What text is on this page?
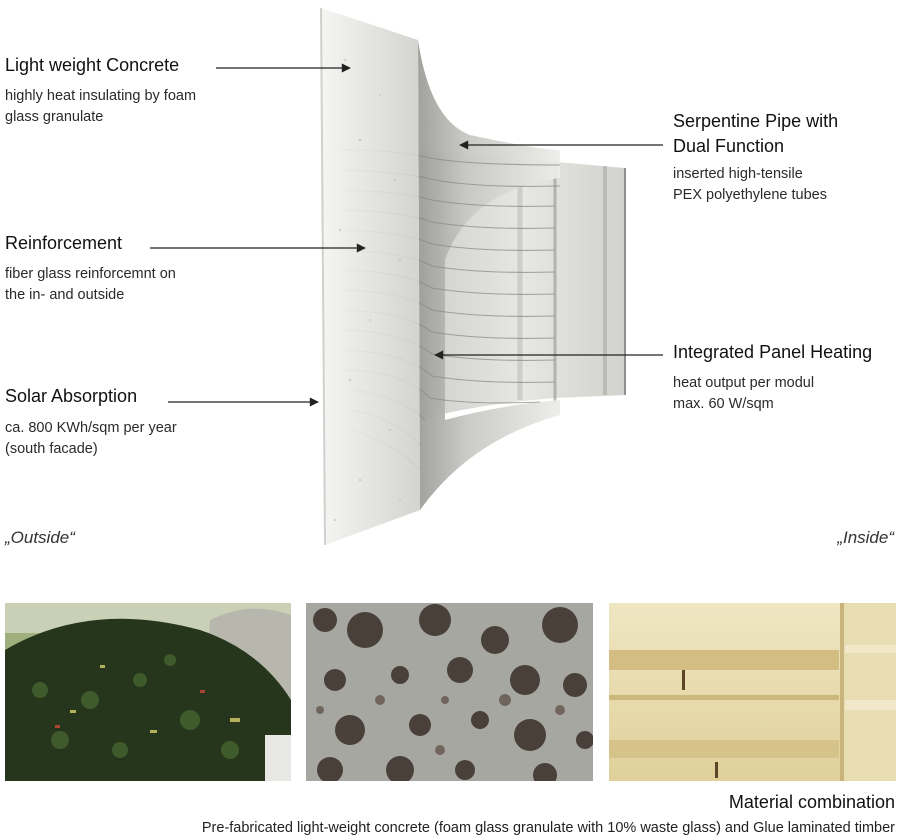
Light weight Concrete
highly heat insulating by foam
glass granulate
Reinforcement
fiber glass reinforcemnt on
the in- and outside
Solar Absorption
ca. 800 KWh/sqm per year
(south facade)
Serpentine Pipe with
Dual Function
inserted high-tensile
PEX polyethylene tubes
Integrated Panel Heating
heat output per modul
max. 60 W/sqm
„Outside“	„Inside“
Material combination
Pre-fabricated light-weight concrete (foam glass granulate with 10% waste glass) and Glue laminated timber
